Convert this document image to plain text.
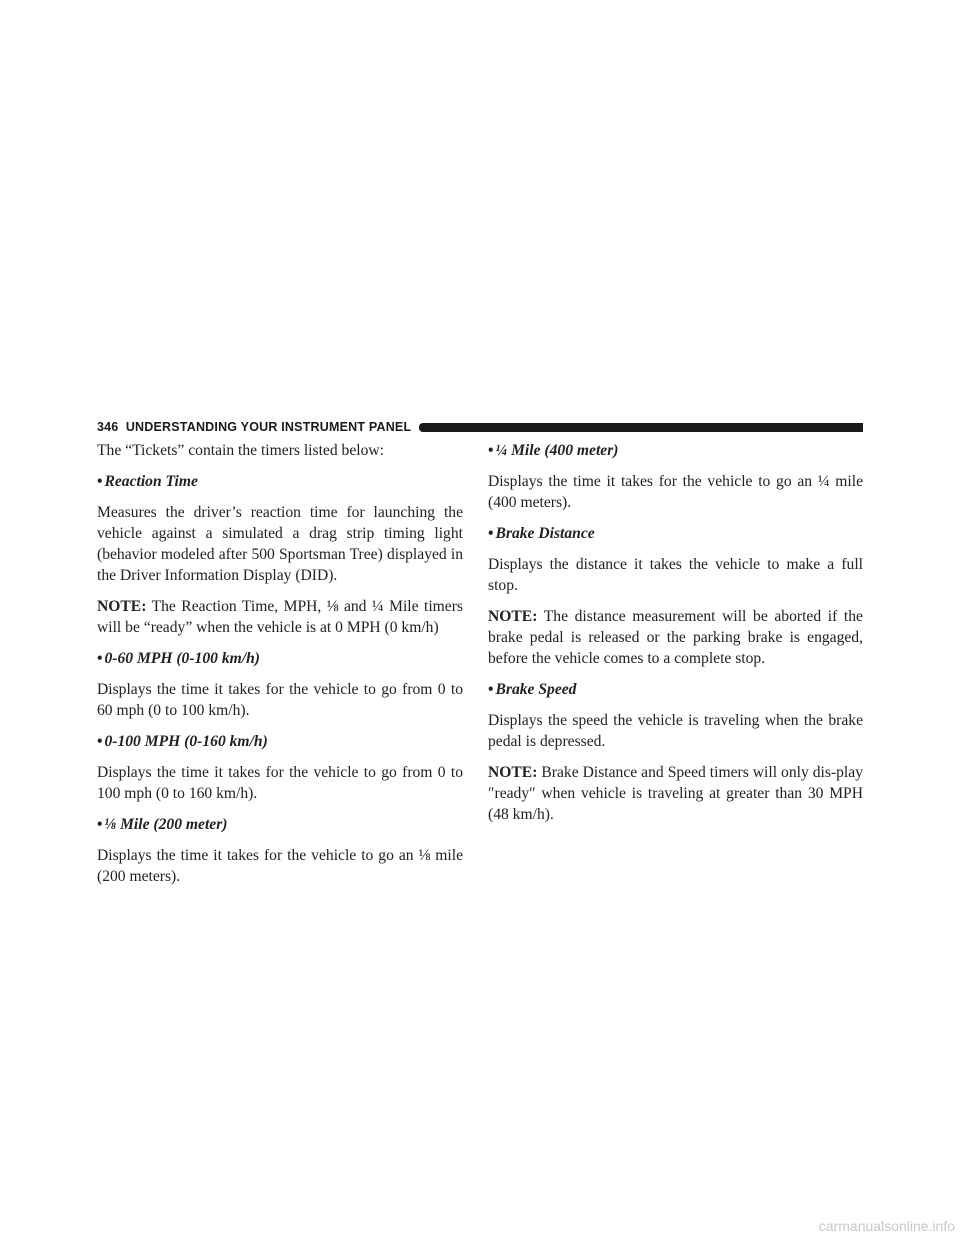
346 UNDERSTANDING YOUR INSTRUMENT PANEL

The “Tickets” contain the timers listed below:

• Reaction Time

Measures the driver’s reaction time for launching the vehicle against a simulated a drag strip timing light (behavior modeled after 500 Sportsman Tree) displayed in the Driver Information Display (DID).

NOTE: The Reaction Time, MPH, ⅛ and ¼ Mile timers will be “ready” when the vehicle is at 0 MPH (0 km/h)

• 0-60 MPH (0-100 km/h)

Displays the time it takes for the vehicle to go from 0 to 60 mph (0 to 100 km/h).

• 0-100 MPH (0-160 km/h)

Displays the time it takes for the vehicle to go from 0 to 100 mph (0 to 160 km/h).

• ⅛ Mile (200 meter)

Displays the time it takes for the vehicle to go an ⅛ mile (200 meters).

• ¼ Mile (400 meter)

Displays the time it takes for the vehicle to go an ¼ mile (400 meters).

• Brake Distance

Displays the distance it takes the vehicle to make a full stop.

NOTE: The distance measurement will be aborted if the brake pedal is released or the parking brake is engaged, before the vehicle comes to a complete stop.

• Brake Speed

Displays the speed the vehicle is traveling when the brake pedal is depressed.

NOTE: Brake Distance and Speed timers will only dis-play ″ready″ when vehicle is traveling at greater than 30 MPH (48 km/h).

carmanualsonline.info
